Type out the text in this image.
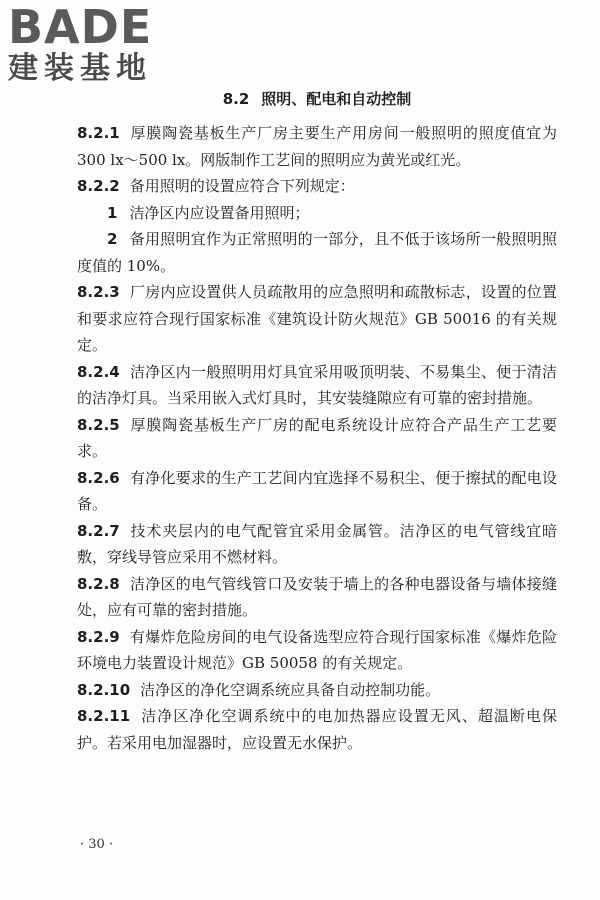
BADE
建装基地
8.2 照明、配电和自动控制

8.2.1 厚膜陶瓷基板生产厂房主要生产用房间一般照明的照度值宜为 300 lx～500 lx。网版制作工艺间的照明应为黄光或红光。

8.2.2 备用照明的设置应符合下列规定：

1 洁净区内应设置备用照明；

2 备用照明宜作为正常照明的一部分，且不低于该场所一般照明照度值的 10%。

8.2.3 厂房内应设置供人员疏散用的应急照明和疏散标志，设置的位置和要求应符合现行国家标准《建筑设计防火规范》GB 50016 的有关规定。

8.2.4 洁净区内一般照明用灯具宜采用吸顶明装、不易集尘、便于清洁的洁净灯具。当采用嵌入式灯具时，其安装缝隙应有可靠的密封措施。

8.2.5 厚膜陶瓷基板生产厂房的配电系统设计应符合产品生产工艺要求。

8.2.6 有净化要求的生产工艺间内宜选择不易积尘、便于擦拭的配电设备。

8.2.7 技术夹层内的电气配管宜采用金属管。洁净区的电气管线宜暗敷，穿线导管应采用不燃材料。

8.2.8 洁净区的电气管线管口及安装于墙上的各种电器设备与墙体接缝处，应有可靠的密封措施。

8.2.9 有爆炸危险房间的电气设备选型应符合现行国家标准《爆炸危险环境电力装置设计规范》GB 50058 的有关规定。

8.2.10 洁净区的净化空调系统应具备自动控制功能。

8.2.11 洁净区净化空调系统中的电加热器应设置无风、超温断电保护。若采用电加湿器时，应设置无水保护。

· 30 ·
